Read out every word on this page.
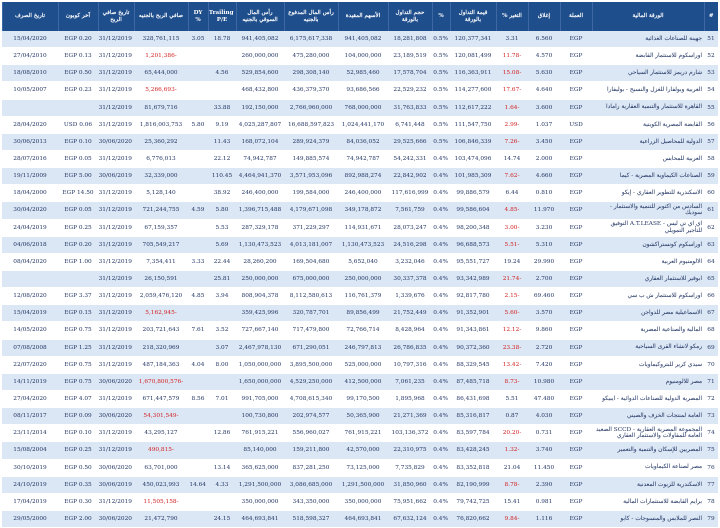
#	الورقة المالية	العملة	إغلاق	التغير %	قيمة التداول بالورقة	%	حجم التداول بالورقة	الأسهم المقيدة	رأس المال المدفوع بالجنيه	رأس المال السوقي بالجنيه	Trailing P/E	DY %	صافي الربح بالجنيه	تاريخ صافي الربح	آخر كوبون	تاريخ الصرف
51	جهينة للصناعات الغذائية	EGP	6.560	3.31	120,377,341	0.5%	18,281,808	941,405,082	6,175,617,338	941,405,082	18.78	3.05	328,761,115	31/12/2019	EGP 0.20	15/04/2020
52	اوراسكوم للاستثمار القابضة	EGP	4.570	-11.78	120,081,499	0.5%	23,189,519	104,000,000	475,280,000	260,000,000			-1,201,386	31/12/2019	EGP 0.13	27/04/2010
53	شارم دريمز للاستثمار السياحي	EGP	5.630	-15.08	116,363,911	0.5%	17,578,704	52,985,460	298,308,140	529,854,600	4.56		65,444,000	31/12/2019	EGP 0.50	18/08/2010
54	العربية وبولفارا للغزل والنسيج - بوليفارا	EGP	4.640	-17.67	114,277,600	0.5%	22,529,232	93,686,566	436,379,370	468,432,800			-5,266,693	31/12/2019	EGP 0.23	10/05/2007
55	القاهرة للاستثمار والتنمية العقارية رامادا	EGP	3.600	-1.64	112,617,222	0.5%	31,763,833	768,000,000	2,766,960,000	192,150,000	33.88		81,679,716	31/12/2019		
56	القابضة المصرية الكويتية	USD	1.037	-2.99	111,547,750	0.5%	6,741,448	1,024,441,170	16,688,597,823	4,025,287,807	9.19	5.80	1,816,003,753	31/12/2019	USD 0.06	28/04/2020
57	الدولية للمحاصيل الزراعية	EGP	3.450	-7.26	106,846,339	0.5%	29,525,666	84,036,052	289,924,379	168,072,104	11.43		25,360,292	30/06/2020	EGP 0.10	30/06/2013
58	العربية للمحابس	EGP	2.000	14.74	103,474,096	0.4%	54,242,331	74,942,787	149,885,574	74,942,787	22.12		6,776,013	31/12/2019	EGP 0.05	28/07/2016
59	الصناعات الكيماوية المصرية - كيما	EGP	4.660	-7.62	101,985,309	0.4%	22,842,902	892,988,274	3,571,953,096	4,464,941,370	110.45		32,339,000	30/06/2019	EGP 5.00	19/11/2009
60	الاسكندرية للتطوير العقاري - إيكو	EGP	0.810	6.44	99,886,579	0.4%	117,616,999	246,400,000	199,584,000	246,400,000	38.92		5,128,140	31/12/2019	EGP 14.50	18/04/2000
61	السادس من اكتوبر للتنمية والاستثمار - سوديك	EGP	11.970	-4.85	99,586,604	0.4%	7,561,759	349,178,872	4,179,671,098	1,396,715,488	5.80	4.59	721,244,755	31/12/2019	EGP 0.05	30/04/2020
62	اي اي تي ليس - A.T.LEASE التوفيق للتأجير التمويلي	EGP	3.230	-3.00	98,200,348	0.4%	28,073,247	114,931,671	371,229,297	287,329,178	5.53		67,159,357	31/12/2019	EGP 0.25	24/04/2019
63	اوراسكوم كونستراكشون	EGP	5.310	-5.51	96,688,573	0.4%	24,516,298	1,130,473,523	4,013,181,007	1,130,473,523	5.69		705,549,217	31/12/2019	EGP 0.20	04/06/2018
64	الالومنيوم العربية	EGP	29.990	19.24	95,551,727	0.4%	3,232,046	5,652,040	169,504,680	28,260,200	22.44	3.33	7,354,411	31/12/2019	EGP 1.00	08/04/2020
65	ابوقير للاستثمار العقاري	EGP	2.700	-21.74	93,342,989	0.4%	30,337,378	250,000,000	675,000,000	250,000,000	25.81		26,150,591	31/12/2019		
66	اوراسكوم للاستثمار ش ب سي	EGP	69.460	-2.15	92,817,780	0.4%	1,339,676	116,761,379	8,112,580,613	808,904,378	3.94	4.85	2,059,476,120	31/12/2019	EGP 3.37	12/08/2020
67	الاسماعيلية مصر للدواجن	EGP	3.570	-5.60	91,352,901	0.4%	21,752,449	89,856,499	320,787,701	359,425,996			-5,162,945	31/12/2019	EGP 0.15	15/04/2019
68	المالية والصناعية المصرية	EGP	9.860	-12.12	91,343,861	0.4%	8,428,964	72,766,714	717,479,800	727,667,140	3.52	7.61	203,721,643	31/12/2019	EGP 0.75	14/05/2020
69	رمكو لانشاء القرى السياحية	EGP	2.720	-23.38	90,372,360	0.4%	26,786,835	246,797,813	671,290,051	2,467,978,130	3.07		218,320,969	31/12/2019	EGP 1.25	07/08/2008
70	سيدي كرير للبتروكيماويات	EGP	7.420	-13.42	88,329,545	0.4%	10,797,316	525,000,000	3,895,500,000	1,050,000,000	8.00	4.04	487,184,363	31/12/2019	EGP 0.75	22/07/2020
71	مصر للالومنيوم	EGP	10.980	-8.73	87,485,718	0.4%	7,061,235	412,500,000	4,529,250,000	1,650,000,000			-1,670,800,576	30/06/2020	EGP 0.75	14/11/2019
72	المصرية الدولية للصناعات الدوائية - ايبيكو	EGP	47.480	5.51	86,431,698	0.4%	1,895,968	99,170,500	4,708,615,340	991,705,000	7.01	8.56	671,447,579	31/12/2019	EGP 4.07	27/04/2020
73	العامة لمنتجات الخزف والصيني	EGP	4.030	0.87	85,316,817	0.4%	21,271,369	50,365,900	202,974,577	100,730,800			-54,301,549	30/06/2020	EGP 0.09	08/11/2017
74	المجموعة المصرية العقارية - SCCD الصعيد العامة للمقاولات والاستثمار العقاري	EGP	0.731	-20.20	83,597,784	0.4%	103,136,372	761,915,221	556,960,027	761,915,221	12.86		43,295,127	31/12/2019	EGP 0.10	23/11/2014
75	المصريين للإسكان والتنمية والتعمير	EGP	3.740	-1.32	83,428,245	0.4%	22,310,975	42,570,000	159,211,800	85,140,000			-490,815	31/12/2019	EGP 0.25	15/08/2004
76	مصر لصناعة الكيماويات	EGP	11.450	21.04	83,352,818	0.4%	7,735,829	73,125,000	837,281,250	365,625,000	13.14		63,701,000	30/06/2020	EGP 0.50	30/10/2019
77	الاسكندرية للزيوت المعدنية	EGP	2.390	-8.78	82,190,999	0.4%	31,850,960	1,291,500,000	3,086,685,000	1,291,500,000	4.33	14.64	450,023,993	30/06/2019	EGP 0.35	24/10/2019
78	برايم القابضة للاستثمارات المالية	EGP	0.981	15.41	79,742,725	0.4%	75,951,662	350,000,000	343,350,000	350,000,000			-11,505,158	31/12/2019	EGP 0.30	17/04/2019
79	النصر للملابس والمنسوجات - كابو	EGP	1.116	-9.84	76,820,662	0.4%	67,632,124	464,693,841	518,598,327	464,693,841	24.15		21,472,790	30/06/2020	EGP 2.00	29/05/2000
